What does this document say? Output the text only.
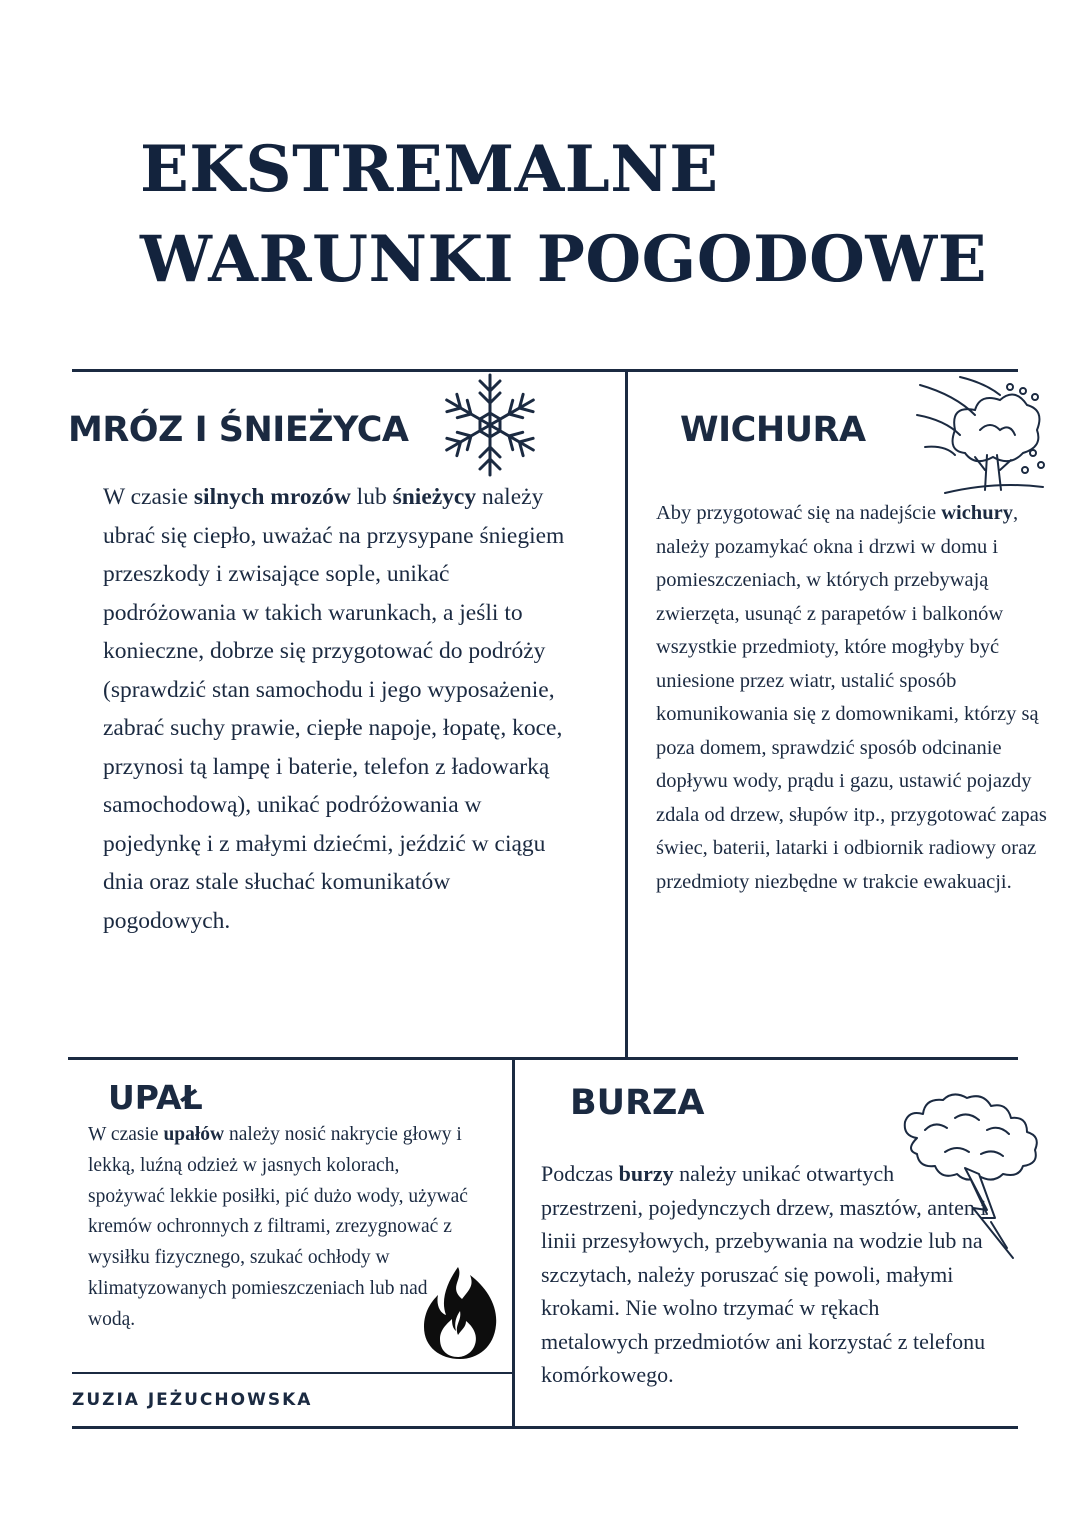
EKSTREMALNE
WARUNKI POGODOWE
MRÓZ I ŚNIEŻYCA

W czasie silnych mrozów lub śnieżycy należy ubrać się ciepło, uważać na przysypane śniegiem przeszkody i zwisające sople, unikać podróżowania w takich warunkach, a jeśli to konieczne, dobrze się przygotować do podróży (sprawdzić stan samochodu i jego wyposażenie, zabrać suchy prawie, ciepłe napoje, łopatę, koce, przynosi tą lampę i baterie, telefon z ładowarką samochodową), unikać podróżowania w pojedynkę i z małymi dziećmi, jeździć w ciągu dnia oraz stale słuchać komunikatów pogodowych.

WICHURA

Aby przygotować się na nadejście wichury, należy pozamykać okna i drzwi w domu i pomieszczeniach, w których przebywają zwierzęta, usunąć z parapetów i balkonów wszystkie przedmioty, które mogłyby być uniesione przez wiatr, ustalić sposób komunikowania się z domownikami, którzy są poza domem, sprawdzić sposób odcinanie dopływu wody, prądu i gazu, ustawić pojazdy zdala od drzew, słupów itp., przygotować zapas świec, baterii, latarki i odbiornik radiowy oraz przedmioty niezbędne w trakcie ewakuacji.

UPAŁ

W czasie upałów należy nosić nakrycie głowy i lekką, luźną odzież w jasnych kolorach, spożywać lekkie posiłki, pić dużo wody, używać kremów ochronnych z filtrami, zrezygnować z wysiłku fizycznego, szukać ochłody w klimatyzowanych pomieszczeniach lub nad wodą.

ZUZIA JEŻUCHOWSKA
BURZA

Podczas burzy należy unikać otwartych przestrzeni, pojedynczych drzew, masztów, anten i linii przesyłowych, przebywania na wodzie lub na szczytach, należy poruszać się powoli, małymi krokami. Nie wolno trzymać w rękach metalowych przedmiotów ani korzystać z telefonu komórkowego.
